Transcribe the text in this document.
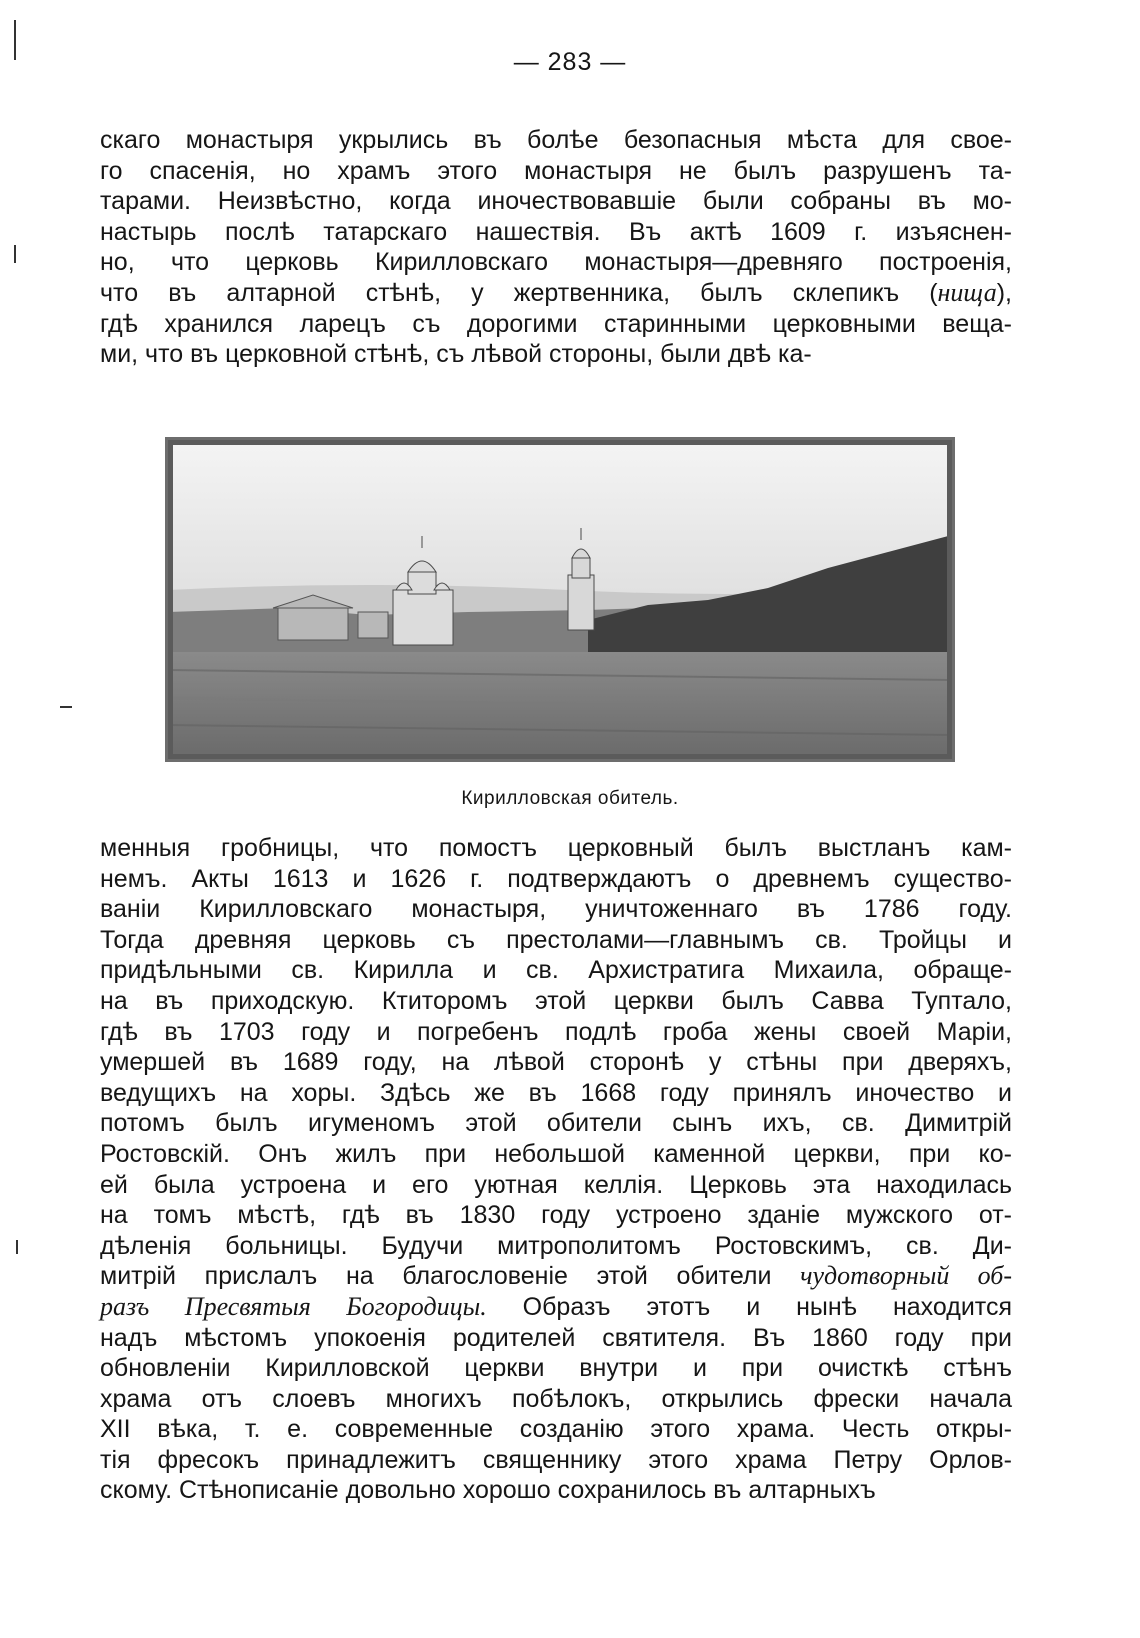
— 283 —
скаго монастыря укрылись въ болѣе безопасныя мѣста для свое-
го спасенія, но храмъ этого монастыря не былъ разрушенъ та-
тарами. Неизвѣстно, когда иночествовавшіе были собраны въ мо-
настырь послѣ татарскаго нашествія. Въ актѣ 1609 г. изъяснен-
но, что церковь Кирилловскаго монастыря—древняго построенія,
что въ алтарной стѣнѣ, у жертвенника, былъ склепикъ (нища),
гдѣ хранился ларецъ съ дорогими старинными церковными веща-
ми, что въ церковной стѣнѣ, съ лѣвой стороны, были двѣ ка-
Кирилловская обитель.
менныя гробницы, что помостъ церковный былъ выстланъ кам-
немъ. Акты 1613 и 1626 г. подтверждаютъ о древнемъ существо-
ваніи Кирилловскаго монастыря, уничтоженнаго въ 1786 году.
Тогда древняя церковь съ престолами—главнымъ св. Тройцы и
придѣльными св. Кирилла и св. Архистратига Михаила, обраще-
на въ приходскую. Ктиторомъ этой церкви былъ Савва Туптало,
гдѣ въ 1703 году и погребенъ подлѣ гроба жены своей Маріи,
умершей въ 1689 году, на лѣвой сторонѣ у стѣны при дверяхъ,
ведущихъ на хоры. Здѣсь же въ 1668 году принялъ иночество и
потомъ былъ игуменомъ этой обители сынъ ихъ, св. Димитрій
Ростовскій. Онъ жилъ при небольшой каменной церкви, при ко-
ей была устроена и его уютная келлія. Церковь эта находилась
на томъ мѣстѣ, гдѣ въ 1830 году устроено зданіе мужского от-
дѣленія больницы. Будучи митрополитомъ Ростовскимъ, св. Ди-
митрій прислалъ на благословеніе этой обители чудотворный об-
разъ Пресвятыя Богородицы. Образъ этотъ и нынѣ находится
надъ мѣстомъ упокоенія родителей святителя. Въ 1860 году при
обновленіи Кирилловской церкви внутри и при очисткѣ стѣнъ
храма отъ слоевъ многихъ побѣлокъ, открылись фрески начала
XII вѣка, т. е. современные созданію этого храма. Честь откры-
тія фресокъ принадлежитъ священнику этого храма Петру Орлов-
скому. Стѣнописаніе довольно хорошо сохранилось въ алтарныхъ
